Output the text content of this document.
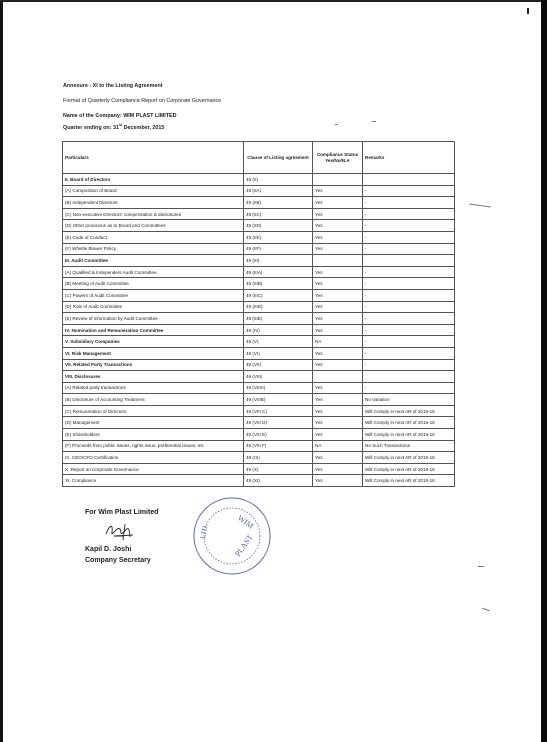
Annexure - XI to the Listing Agreement
Format of Quarterly Compliance Report on Corporate Governance
Name of the Company: WIM PLAST LIMITED
Quarter ending on: 31st December, 2015
Particulars	Clause of Listing agreement	Compliance Status Yes/No/N.A	Remarks
II. Board of Directors	49 (II)		
(A) Composition of Board	49 (IIA)	Yes	-
(B) Independent Directors	49 (IIB)	Yes	-
(C) Non-executive Directors' compensation & disclosures	49 (IIC)	Yes	-
(D) Other provisions as to Board and Committees	49 (IID)	Yes	-
(E) Code of Conduct	49 (IIE)	Yes	-
(F) Whistle Blower Policy	49 (IIF)	Yes	-
III. Audit Committee	49 (III)		
(A) Qualified & Independent Audit Committee	49 (IIIA)	Yes	-
(B) Meeting of Audit Committee	49 (IIIB)	Yes	-
(C) Powers of Audit Committee	49 (IIIC)	Yes	-
(D) Role of Audit Committee	49 (IIID)	Yes	-
(E) Review of information by Audit Committee	49 (IIIE)	Yes	-
IV. Nomination and Remuneration Committee	49 (IV)	Yes	-
V. Subsidiary Companies	49 (V)	NA	-
VI. Risk Management	49 (VI)	Yes	-
VII. Related Party Transactions	49 (VII)	Yes	-
VIII. Disclosures	49 (VIII)		
(A) Related party transactions	49 (VIIIA)	Yes	-
(B) Disclosure of Accounting Treatment	49 (VIIIB)	Yes	No variation
(C) Remuneration of Directors	49 (VIII C)	Yes	Will Comply in next AR of 2015-16
(D) Management	49 (VIII D)	Yes	Will Comply in next AR of 2015-16
(E) Shareholders	49 (VIII E)	Yes	Will Comply in next AR of 2015-16
(F) Proceeds from public issues, rights issue, preferential issues, etc	49 (VIII F)	NA	No Such Transactions
IX. CEO/CFO Certification	49 (IX)	Yes	Will Comply in next AR of 2015-16
X. Report on Corporate Governance	49 (X)	Yes	Will Comply in next AR of 2015-16
XI. Compliance	49 (XI)	Yes	Will Comply in next AR of 2015-16
For Wim Plast Limited
Kapil D. Joshi
Company Secretary
WIM
PLAST
LTD.
